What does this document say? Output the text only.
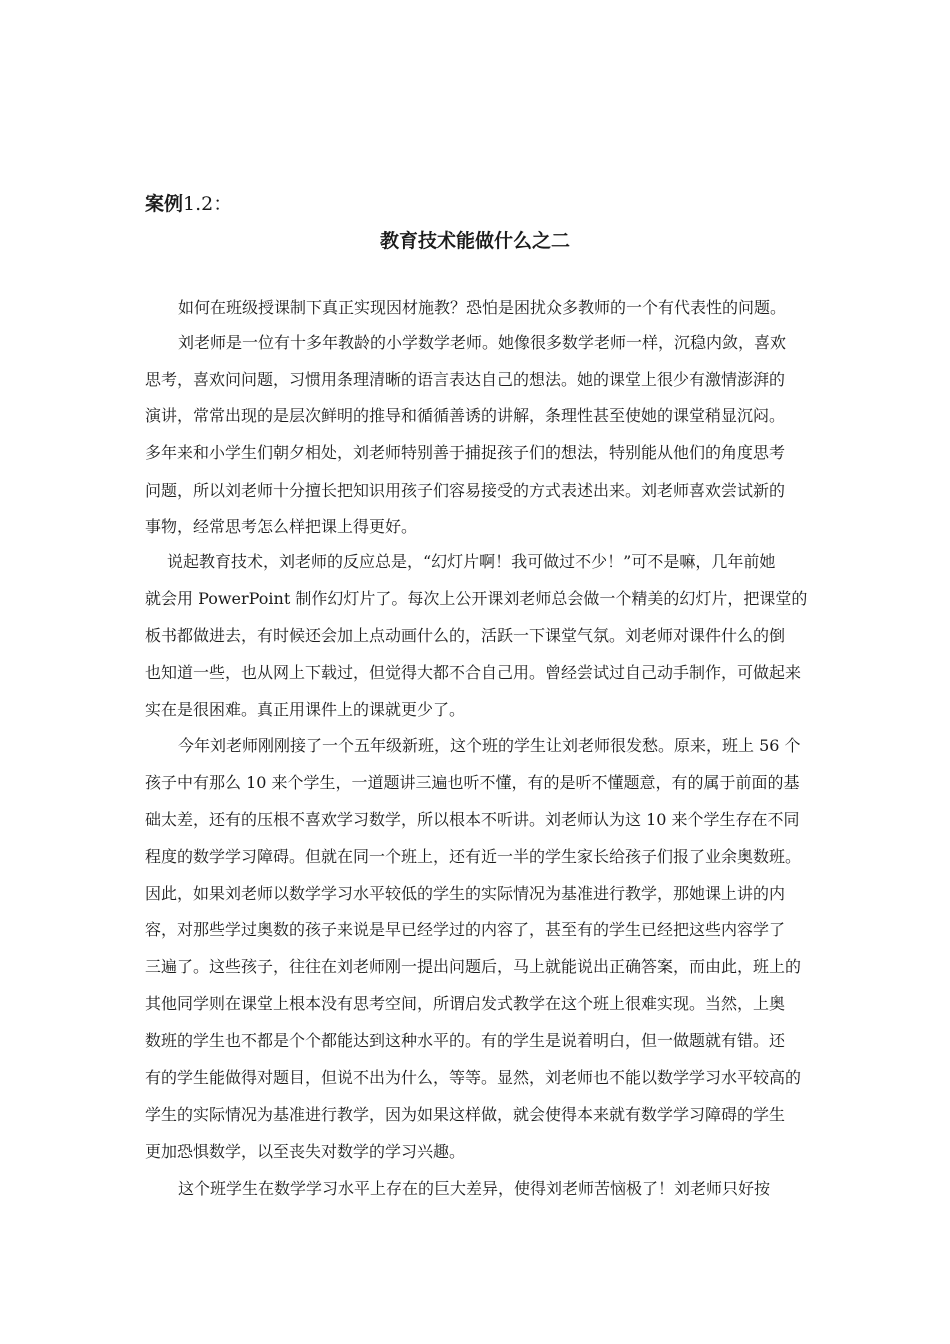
案例1.2：
教育技术能做什么之二
如何在班级授课制下真正实现因材施教？恐怕是困扰众多教师的一个有代表性的问题。
刘老师是一位有十多年教龄的小学数学老师。她像很多数学老师一样，沉稳内敛，喜欢
思考，喜欢问问题，习惯用条理清晰的语言表达自己的想法。她的课堂上很少有激情澎湃的
演讲，常常出现的是层次鲜明的推导和循循善诱的讲解，条理性甚至使她的课堂稍显沉闷。
多年来和小学生们朝夕相处，刘老师特别善于捕捉孩子们的想法，特别能从他们的角度思考
问题，所以刘老师十分擅长把知识用孩子们容易接受的方式表述出来。刘老师喜欢尝试新的
事物，经常思考怎么样把课上得更好。
说起教育技术，刘老师的反应总是，“幻灯片啊！我可做过不少！”可不是嘛，几年前她
就会用 PowerPoint 制作幻灯片了。每次上公开课刘老师总会做一个精美的幻灯片，把课堂的
板书都做进去，有时候还会加上点动画什么的，活跃一下课堂气氛。刘老师对课件什么的倒
也知道一些，也从网上下载过，但觉得大都不合自己用。曾经尝试过自己动手制作，可做起来
实在是很困难。真正用课件上的课就更少了。
今年刘老师刚刚接了一个五年级新班，这个班的学生让刘老师很发愁。原来，班上 56 个
孩子中有那么 10 来个学生，一道题讲三遍也听不懂，有的是听不懂题意，有的属于前面的基
础太差，还有的压根不喜欢学习数学，所以根本不听讲。刘老师认为这 10 来个学生存在不同
程度的数学学习障碍。但就在同一个班上，还有近一半的学生家长给孩子们报了业余奥数班。
因此，如果刘老师以数学学习水平较低的学生的实际情况为基准进行教学，那她课上讲的内
容，对那些学过奥数的孩子来说是早已经学过的内容了，甚至有的学生已经把这些内容学了
三遍了。这些孩子，往往在刘老师刚一提出问题后，马上就能说出正确答案，而由此，班上的
其他同学则在课堂上根本没有思考空间，所谓启发式教学在这个班上很难实现。当然，上奥
数班的学生也不都是个个都能达到这种水平的。有的学生是说着明白，但一做题就有错。还
有的学生能做得对题目，但说不出为什么，等等。显然，刘老师也不能以数学学习水平较高的
学生的实际情况为基准进行教学，因为如果这样做，就会使得本来就有数学学习障碍的学生
更加恐惧数学，以至丧失对数学的学习兴趣。
这个班学生在数学学习水平上存在的巨大差异，使得刘老师苦恼极了！刘老师只好按
